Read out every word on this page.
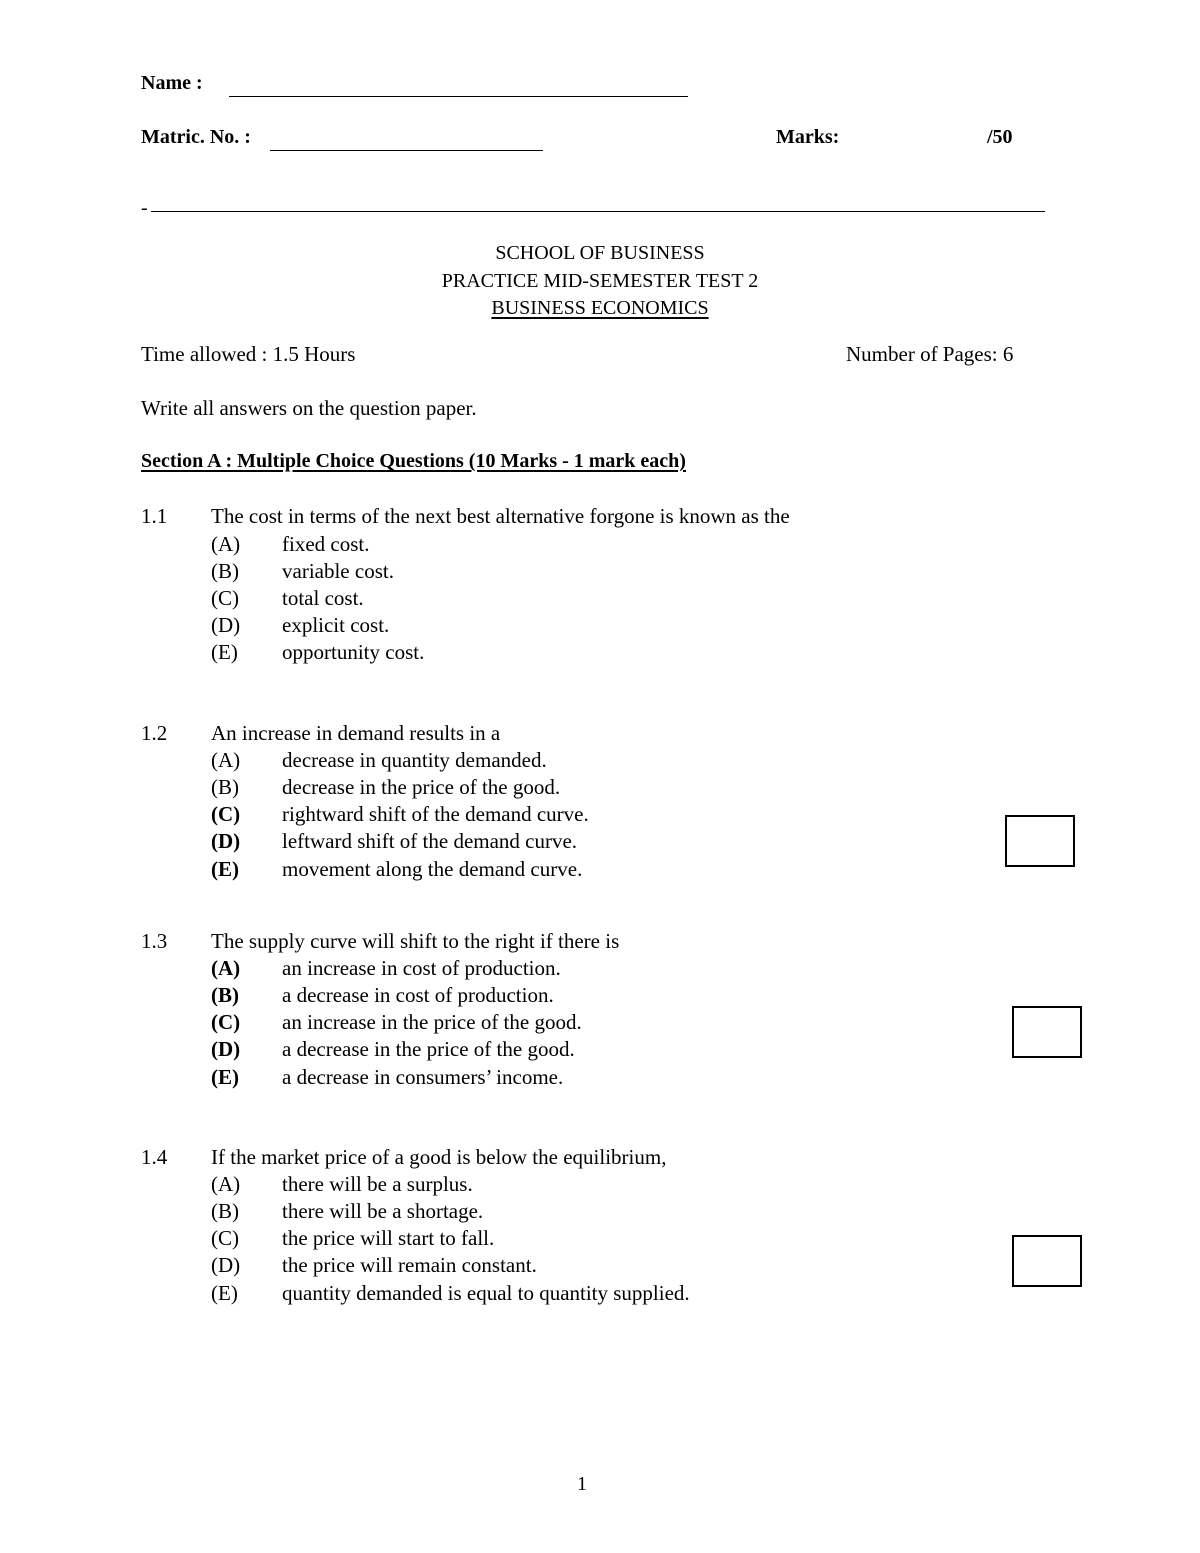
Name :
Matric. No. :	Marks:	/50
-
SCHOOL OF BUSINESS
PRACTICE MID-SEMESTER TEST 2
BUSINESS ECONOMICS
Time allowed : 1.5 Hours	Number of Pages: 6
Write all answers on the question paper.
Section A : Multiple Choice Questions (10 Marks - 1 mark each)
1.1 The cost in terms of the next best alternative forgone is known as the
(A) fixed cost.
(B) variable cost.
(C) total cost.
(D) explicit cost.
(E) opportunity cost.
1.2 An increase in demand results in a
(A) decrease in quantity demanded.
(B) decrease in the price of the good.
(C) rightward shift of the demand curve.
(D) leftward shift of the demand curve.
(E) movement along the demand curve.
1.3 The supply curve will shift to the right if there is
(A) an increase in cost of production.
(B) a decrease in cost of production.
(C) an increase in the price of the good.
(D) a decrease in the price of the good.
(E) a decrease in consumers’ income.
1.4 If the market price of a good is below the equilibrium,
(A) there will be a surplus.
(B) there will be a shortage.
(C) the price will start to fall.
(D) the price will remain constant.
(E) quantity demanded is equal to quantity supplied.
1
